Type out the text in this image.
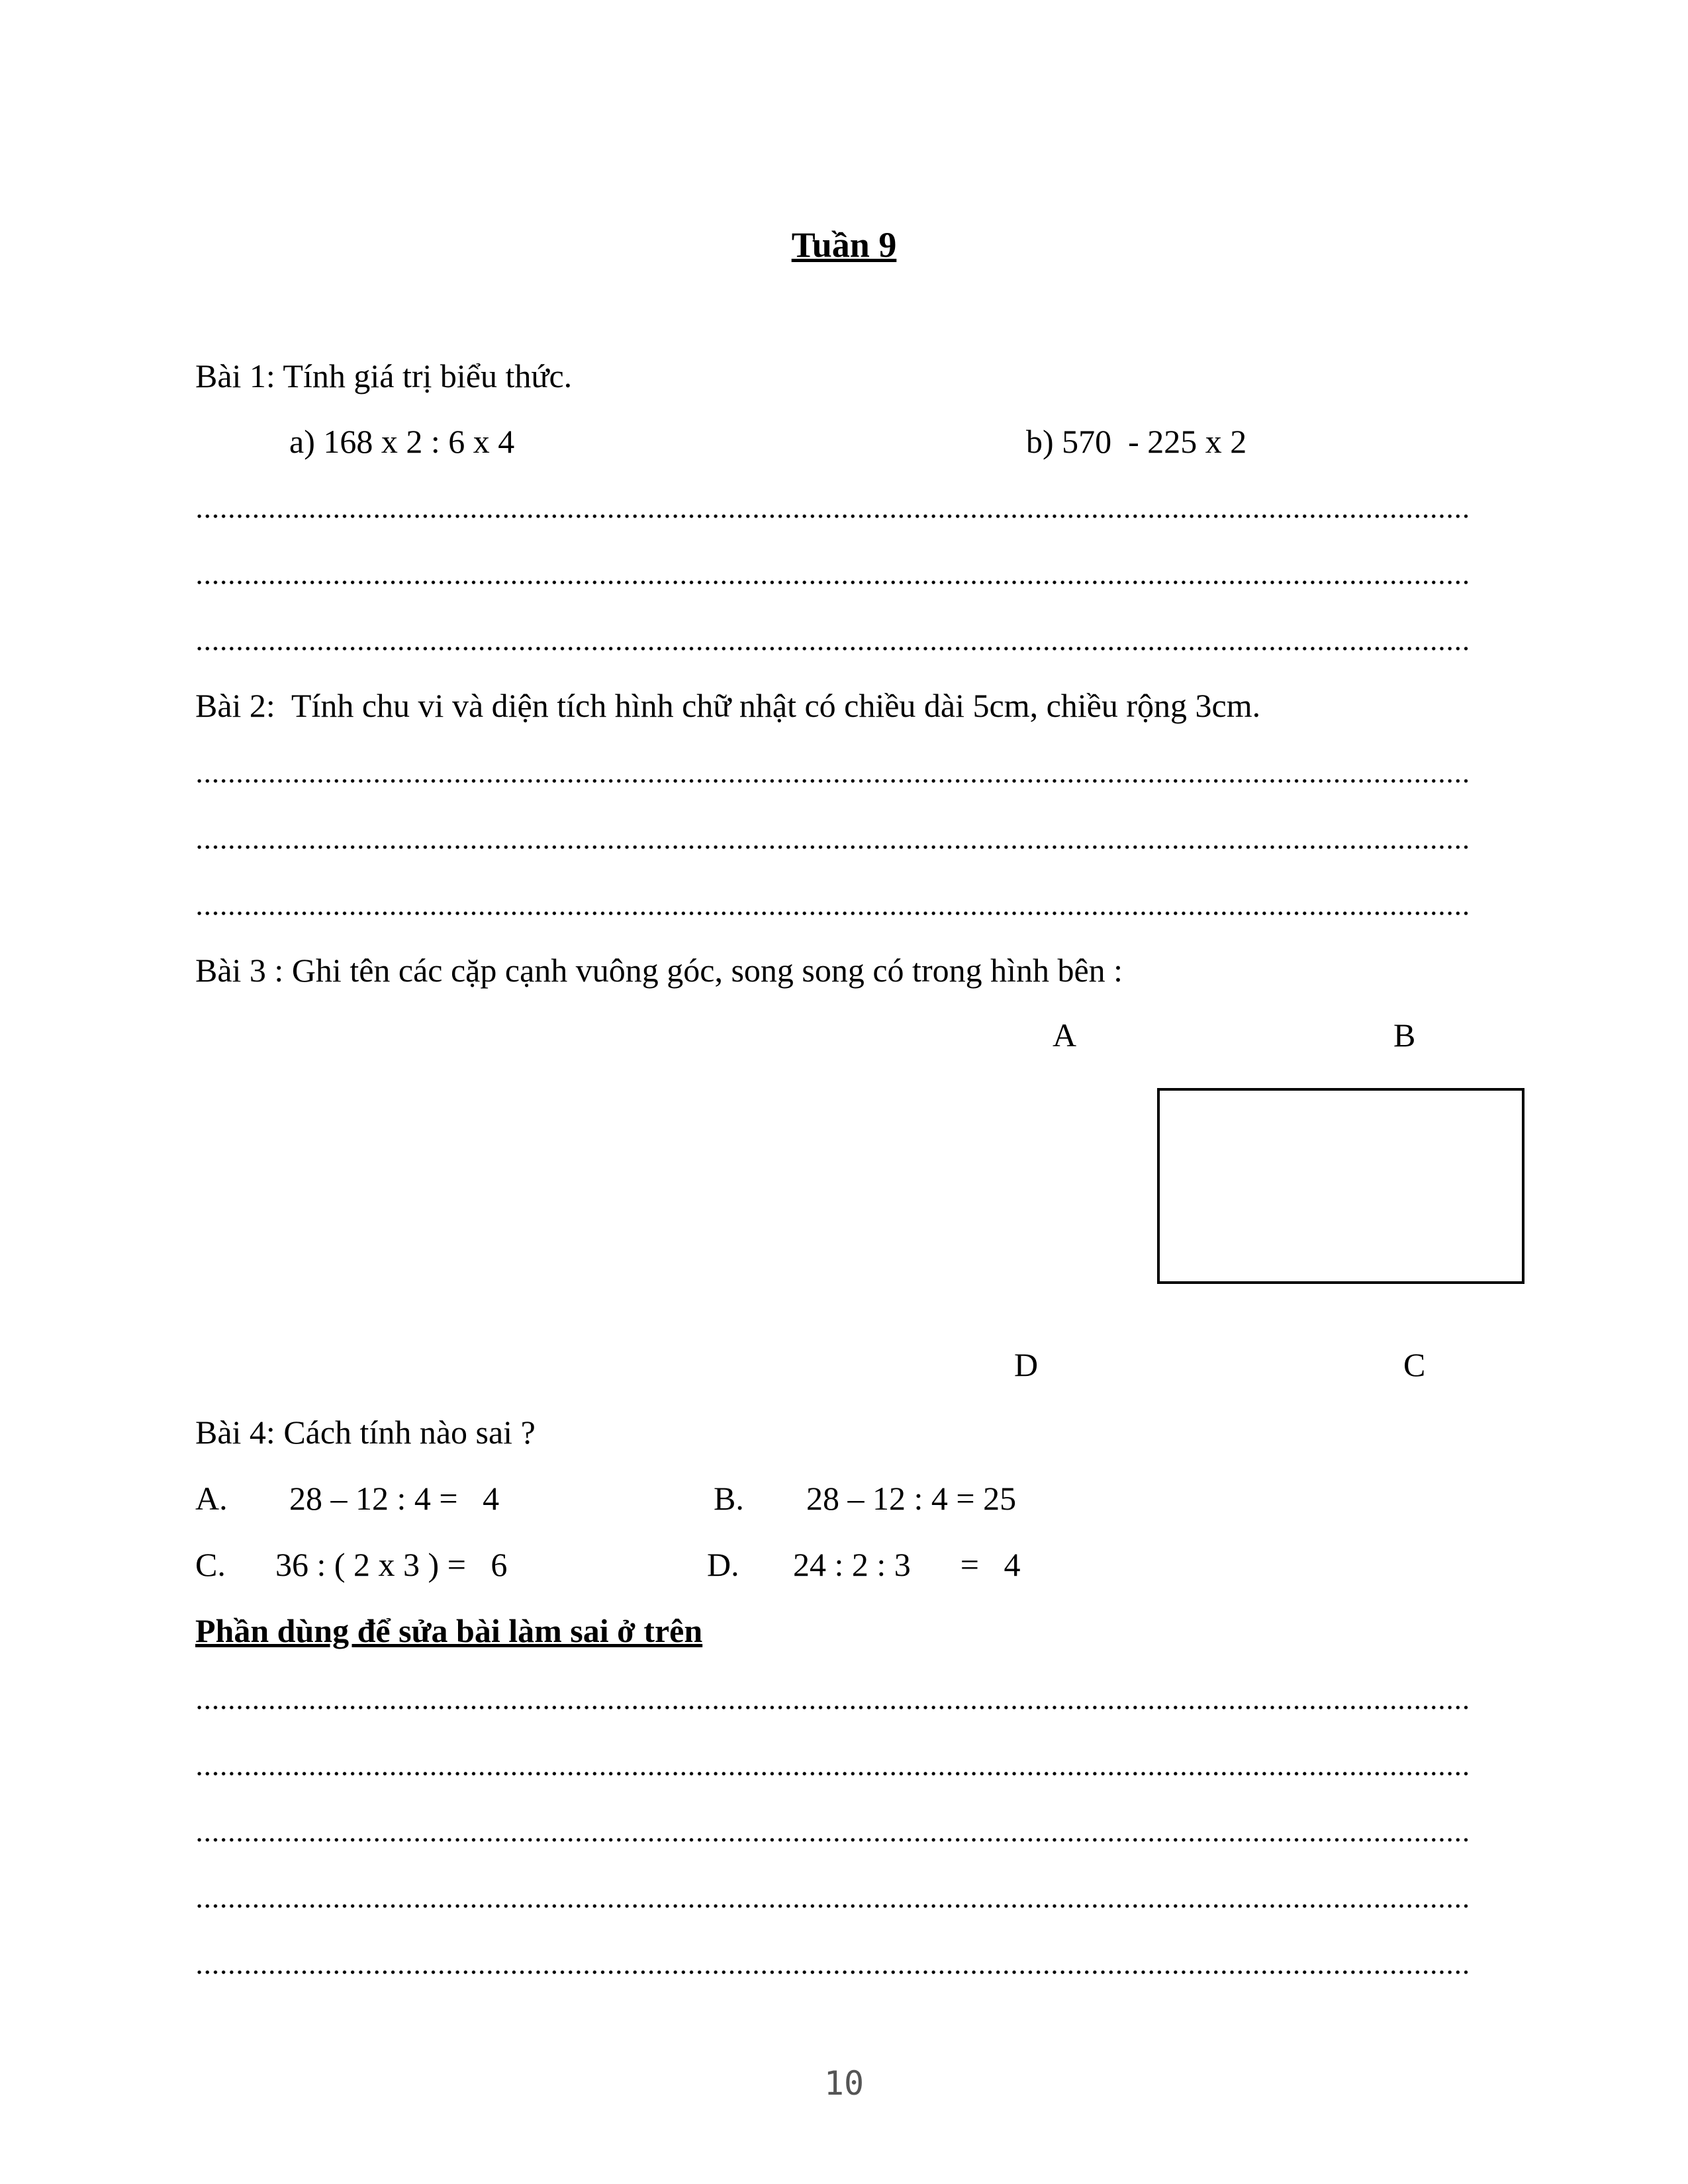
Tuần 9
Bài 1: Tính giá trị biểu thức.
a) 168 x 2 : 6 x 4	b) 570  - 225 x 2
Bài 2:  Tính chu vi và diện tích hình chữ nhật có chiều dài 5cm, chiều rộng 3cm.
Bài 3 : Ghi tên các cặp cạnh vuông góc, song song có trong hình bên :
A	B
D	C
Bài 4: Cách tính nào sai ?
A. 28 – 12 : 4 =   4	B. 28 – 12 : 4 = 25
C. 36 : ( 2 x 3 ) =   6	D. 24 : 2 : 3      =   4
Phần dùng để sửa bài làm sai ở trên
10
